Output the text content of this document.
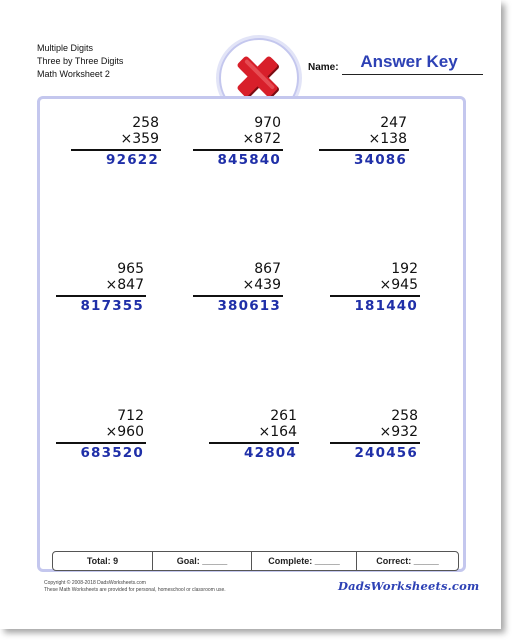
Multiple Digits
Three by Three Digits
Math Worksheet 2
Name:	Answer Key
258
×359
92622
970
×872
845840
247
×138
34086
965
×847
817355
867
×439
380613
192
×945
181440
712
×960
683520
261
×164
42804
258
×932
240456
Total: 9	Goal: _____	Complete: _____	Correct: _____
Copyright © 2008-2018 DadsWorksheets.com
These Math Worksheets are provided for personal, homeschool or classroom use.	DadsWorksheets.com
